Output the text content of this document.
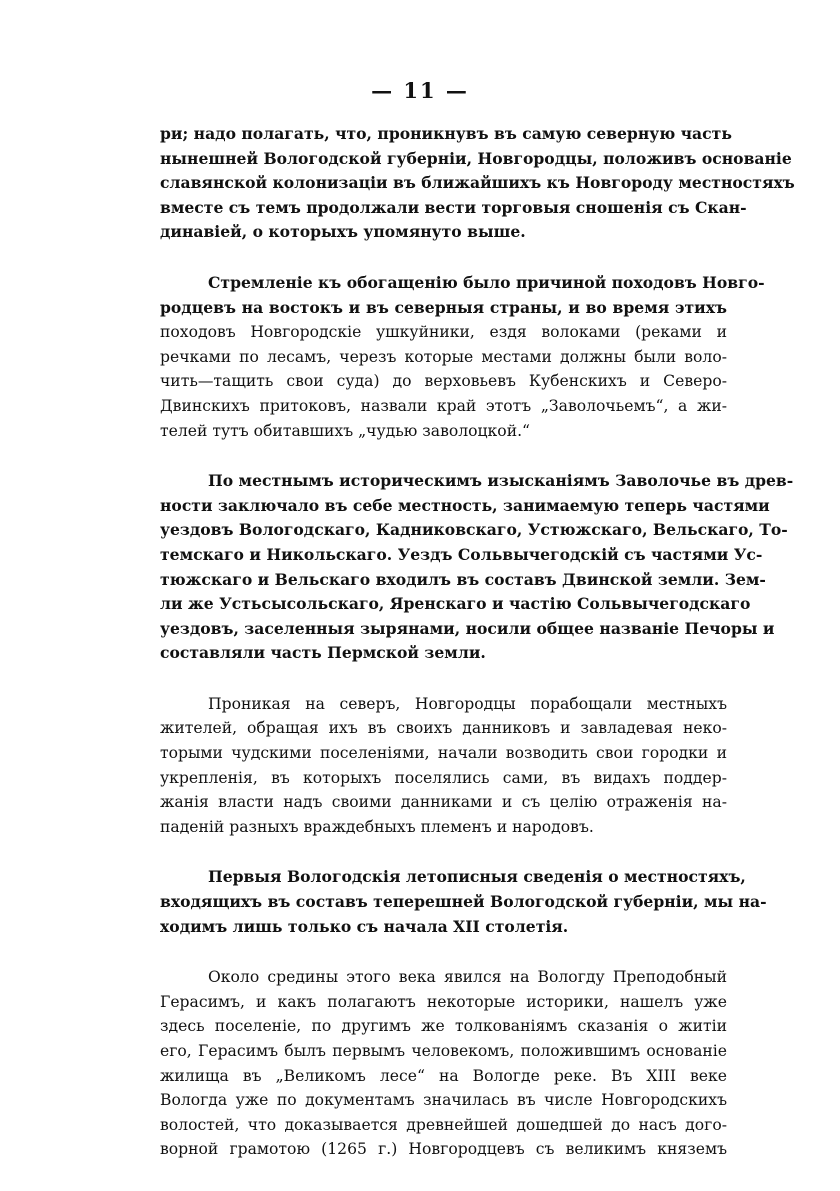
— 11 —

ри; надо полагать, что, проникнувъ въ самую северную часть
нынешней Вологодской губернiи, Новгородцы, положивъ основанiе
славянской колонизацiи въ ближайшихъ къ Новгороду местностяхъ
вместе съ темъ продолжали вести торговыя сношенiя съ Скан-
динавiей, о которыхъ упомянуто выше.

Стремленiе къ обогащенiю было причиной походовъ Новго-
родцевъ на востокъ и въ северныя страны, и во время этихъ
походовъ Новгородскiе ушкуйники, ездя волоками (реками и
речками по лесамъ, черезъ которые местами должны были воло-
чить—тащить свои суда) до верховьевъ Кубенскихъ и Северо-
Двинскихъ притоковъ, назвали край этотъ „Заволочьемъ“, а жи-
телей тутъ обитавшихъ „чудью заволоцкой.“

По местнымъ историческимъ изысканiямъ Заволочье въ древ-
ности заключало въ себе местность, занимаемую теперь частями
уездовъ Вологодскаго, Кадниковскаго, Устюжскаго, Вельскаго, То-
темскаго и Никольскаго. Уездъ Сольвычегодскiй съ частями Ус-
тюжскаго и Вельскаго входилъ въ составъ Двинской земли. Зем-
ли же Устьсысольскаго, Яренскаго и частiю Сольвычегодскаго
уездовъ, заселенныя зырянами, носили общее названiе Печоры и
составляли часть Пермской земли.

Проникая на северъ, Новгородцы порабощали местныхъ
жителей, обращая ихъ въ своихъ данниковъ и завладевая неко-
торыми чудскими поселенiями, начали возводить свои городки и
укрепленiя, въ которыхъ поселялись сами, въ видахъ поддер-
жанiя власти надъ своими данниками и съ целiю отраженiя на-
паденiй разныхъ враждебныхъ племенъ и народовъ.

Первыя Вологодскiя летописныя сведенiя о местностяхъ,
входящихъ въ составъ теперешней Вологодской губернiи, мы на-
ходимъ лишь только съ начала XII столетiя.

Около средины этого века явился на Вологду Преподобный
Герасимъ, и какъ полагаютъ некоторые историки, нашелъ уже
здесь поселенiе, по другимъ же толкованiямъ сказанiя о житiи
его, Герасимъ былъ первымъ человекомъ, положившимъ основанiе
жилища въ „Великомъ лесе“ на Вологде реке. Въ XIII веке
Вологда уже по документамъ значилась въ числе Новгородскихъ
волостей, что доказывается древнейшей дошедшей до насъ дого-
ворной грамотою (1265 г.) Новгородцевъ съ великимъ княземъ
